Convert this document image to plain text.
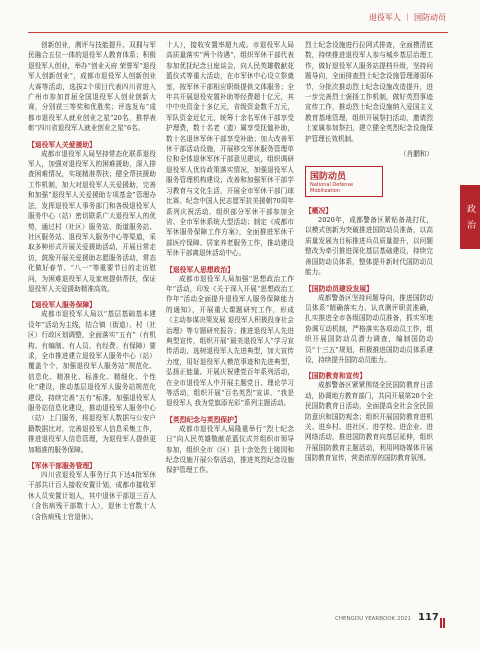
退役军人 ｜ 国防动员
政 治

创新创业，测评与技能提升、双拥与军民融合五位一体的退役军人教育体系；积极退役军人创业，举办“创业天府 荣誉军”退役军人创新创业“，成都市退役军人创新创业大赛等活动，选拔2个项目代表四川省进入广州市参加首届全国退役军人创业创新大赛，分别获三等奖和优胜奖；评选发布“成都市退役军人就业创业之星”20名，推荐表彰“四川省退役军人就业创业之星”6名。

【退役军人关爱援助】

成都市退役军人局坚持常态化联系退役军人，加强对退役军人的困难援助，深入排查困难情况，实现精准帮扶；健全帮扶援助工作机制，加大对退役军人关爱援助，完善和加强“退役军人关爱援助专项基金”管理办法，发挥退役军人事务部门和各级退役军人服务中心（站）密切联系广大退役军人的优势，通过村（社区）服务站、街道服务站、社区服务站、退役军人服务中心等渠道，采取多种形式开展关爱援助活动，开展日常走访，鼓励开展关爱援助志愿服务活动，常态化做好春节、“八一”等重要节日的走访慰问，为困难退役军人及家庭提供帮扶，保证退役军人关爱援助精准高效。

【退役军人服务保障】

成都市退役军人局以“基层基础基本建设年”活动为主线，结合镇（街道）、村（社区）行政区划调整，全面落实“五有”（有机构、有编制、有人员、有经费、有保障）要求，全市推进建立退役军人服务中心（站）覆盖个个，加强退役军人服务站“规范化、信息化、精准化、标准化、精细化、个性化”建设，推动基层退役军人服务站规范化建设，持续完善“五有”标准。加强退役军人服务站信息化建设，推动退役军人服务中心（站）上门服务，将退役军人数据与公安户籍数据比对，完善退役军人信息采集工作，推进退役军人信息管理，为退役军人提供更加精准的服务保障。

【军休干部服务管理】

四川省退役军人事务厅共下达4批军休干部共计百人接收安置计划，成都市接收军休人员安置计划人，其中退休干部退三百人（含伤病残干部数十人），退休士官数十人（含伤病残士官退休）。

十人），接收安置率超九成。市退役军人局高质量落实“两个待遇”，组织军休干部代表参加优抚纪念日座谈会，向人民英雄敬献花篮仪式等重大活动，在市军休中心设立祭奠室，按军休干部相应职级提供文体服务；全年共开展退役安置补助等经费超十亿元，其中中央资金十多亿元，省级资金数千万元，军队资金近亿元，统筹十余名军休干部享受护理费，数十名老（遗）属享受抚恤补助，数十名退休军休干部享受补助；加大改善军休干部活动设施，开展移交军休服务管理单位和全体退休军休干部意见建议，组织调研退役军人优待政策落实情况，加强退役军人服务管理机构建设；改善和加强军休干部学习教育与文化生活，开展全市军休干部门球比赛、纪念中国人民志愿军抗美援朝70周年系列庆祝活动、组织部分军休干部参加全省、全市军休系统大型活动；制定《成都市军休服务保障工作方案》，全面推进军休干部医疗保障、居家养老服务工作，推动建设军休干部离退休活动中心。

【退役军人思想政治】

成都市退役军人局加强“思想政治工作年”活动，印发《关于深入开展“思想政治工作年”活动全面提升退役军人服务保障能力的通知》，开展重大课题研究工作，形成《主动参谋决策发展 退役军人积极投身社会治理》等专题研究报告；推进退役军人先进典型宣传，组织开展“最美退役军人”学习宣传活动，选树退役军人先进典型，加大宣传力度，用好退役军人模范事迹和先进典型，弘扬正能量。开展庆祝建党百年系列活动，在全市退役军人中开展主题党日、理论学习等活动，组织开展“百名英烈”宣讲、“我是退役军人 我为党旗添光彩”系列主题活动。

【英烈纪念与英烈保护】

成都市退役军人局隆重举行“烈士纪念日”向人民英雄敬献花篮仪式并组织市领导参加，组织全市（区）县十余处烈士陵园和纪念设施开展公祭活动，推进英烈纪念设施保护管理工作。

烈士纪念设施进行拉网式排查，全面摸清底数，持续推进退役军人参与城乡基层治理工作，做好退役军人服务站提档升级，坚持问题导向，全面排查烈士纪念设施管理薄弱环节，分批次推动烈士纪念设施改造提升，进一步完善烈士褒扬工作机制，做好英烈事迹宣传工作，推动烈士纪念设施纳入爱国主义教育基地管理，组织开展祭扫活动，邀请烈士家属参加祭扫，建立健全英烈纪念设施保护管理长效机制。

（肖鹏和）
国防动员
National Defense Mobilization
【概况】

2020年，成都警备区紧贴备战打仗，以模式创新为突破推进国防动员准备，以高质量发展为目标推进兵员质量提升，以问题整改为牵引推进深化基层基础建设，持续完善国防动员体系，整体提升新时代国防动员能力。

【国防动员建设发展】

成都警备区坚持问题导向，推进国防动员体系“精确落实力、认真测评职责准确，扎实推进全市各级国防动员准备，抓实军地协调互动机制，严格落实各项动员工作，组织开展国防动员潜力调查，编制国防动员“十三五”规划，积极推进国防动员体系建设，持续提升国防动员能力。

【国防教育和宣传】

成都警备区紧紧围绕全民国防教育日活动，协调地方教育部门，共同开展第20个全民国防教育日活动，全面提高全社会全民国防意识和国防观念；组织开展国防教育进机关、进乡村、进社区、进学校、进企业、进网络活动，推进国防教育向基层延伸，组织开展国防教育主题活动，利用网络媒体开展国防教育宣传，营造浓厚的国防教育氛围。

CHENGDU YEARBOOK 2021 117
